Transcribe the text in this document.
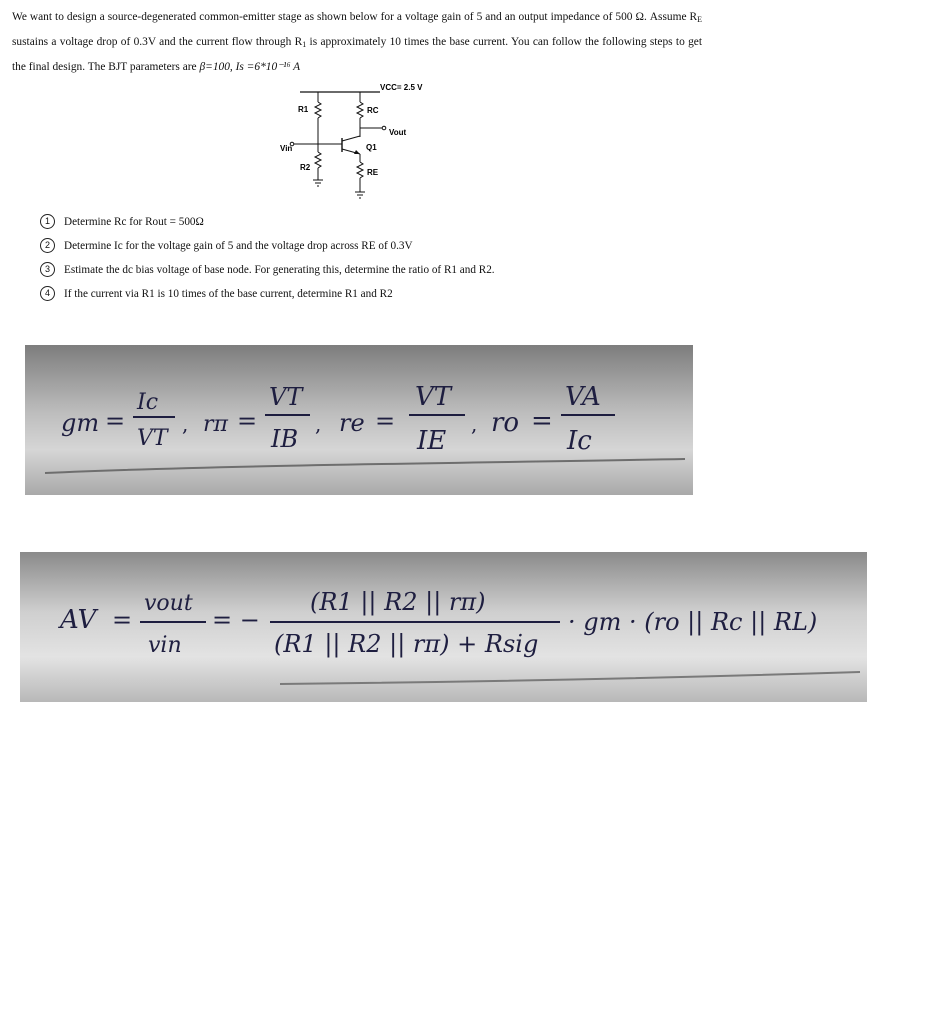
We want to design a source-degenerated common-emitter stage as shown below for a voltage gain of 5 and an output impedance of 500 Ω. Assume $R_E$ sustains a voltage drop of 0.3V and the current flow through $R_1$ is approximately 10 times the base current. You can follow the following steps to get the final design. The BJT parameters are β=100, Is =6*10⁻¹⁶ A
VCC= 2.5 V
R1
Vin
R2
RC
Vout
Q1
RE
1 Determine Rc for Rout = 500Ω
2 Determine Ic for the voltage gain of 5 and the voltage drop across RE of 0.3V
3 Estimate the dc bias voltage of base node. For generating this, determine the ratio of R1 and R2.
4 If the current via R1 is 10 times of the base current, determine R1 and R2
gm =
Ic
VT
, rπ =
VT
IB
, re =
VT
IE
, ro =
VA
Ic
AV =
vout
vin
= −
(R1 || R2 || rπ)
(R1 || R2 || rπ) + Rsig
· gm · (ro || Rc || RL)
